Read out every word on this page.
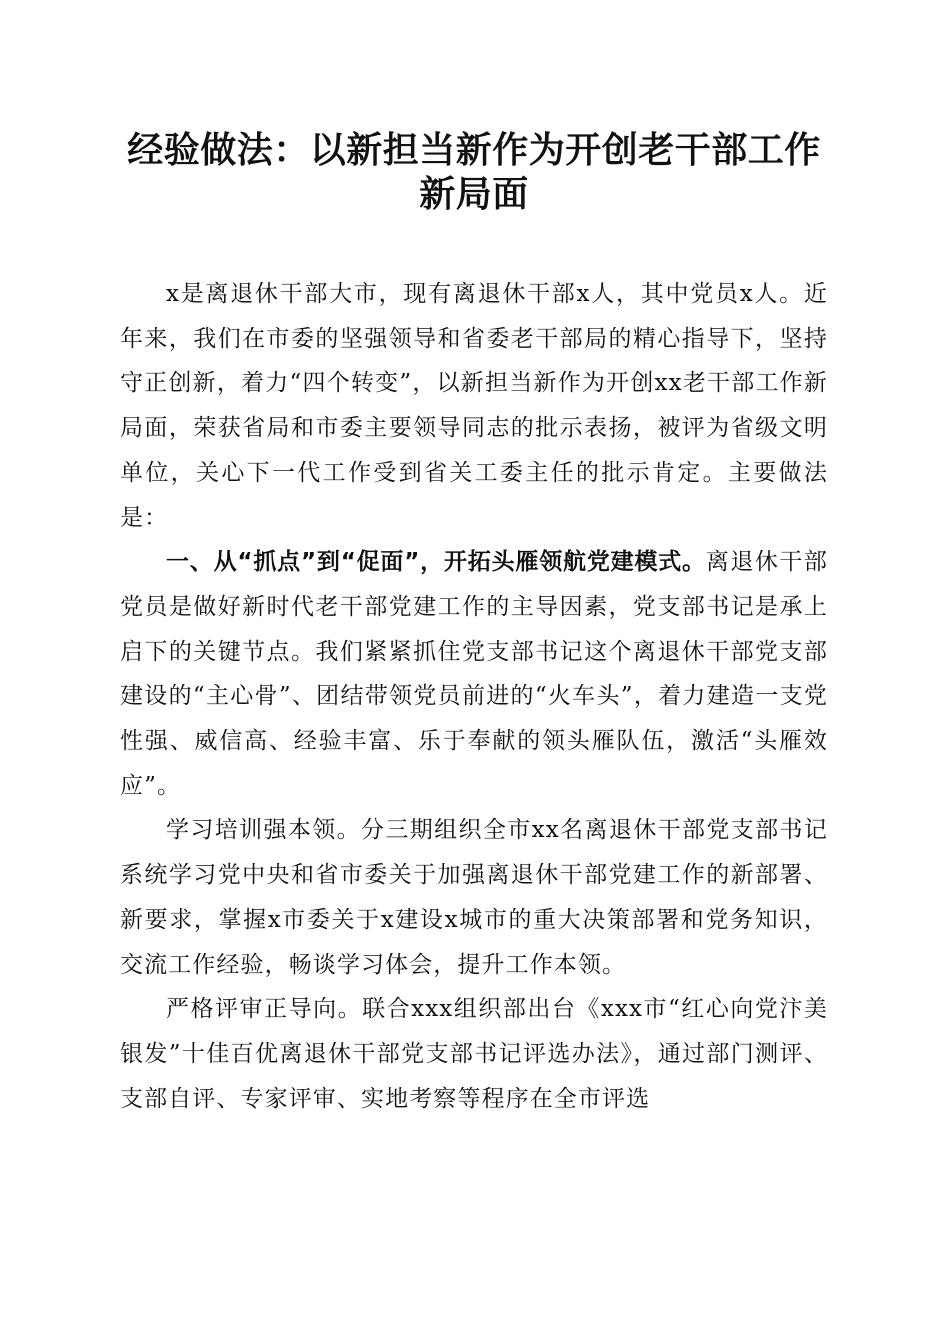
经验做法：以新担当新作为开创老干部工作新局面

x是离退休干部大市，现有离退休干部x人，其中党员x人。近年来，我们在市委的坚强领导和省委老干部局的精心指导下，坚持守正创新，着力“四个转变”，以新担当新作为开创xx老干部工作新局面，荣获省局和市委主要领导同志的批示表扬，被评为省级文明单位，关心下一代工作受到省关工委主任的批示肯定。主要做法是：

一、从“抓点”到“促面”，开拓头雁领航党建模式。离退休干部党员是做好新时代老干部党建工作的主导因素，党支部书记是承上启下的关键节点。我们紧紧抓住党支部书记这个离退休干部党支部建设的“主心骨”、团结带领党员前进的“火车头”，着力建造一支党性强、威信高、经验丰富、乐于奉献的领头雁队伍，激活“头雁效应”。

学习培训强本领。分三期组织全市xx名离退休干部党支部书记系统学习党中央和省市委关于加强离退休干部党建工作的新部署、新要求，掌握x市委关于x建设x城市的重大决策部署和党务知识，交流工作经验，畅谈学习体会，提升工作本领。

严格评审正导向。联合xxx组织部出台《xxx市“红心向党汴美银发”十佳百优离退休干部党支部书记评选办法》，通过部门测评、支部自评、专家评审、实地考察等程序在全市评选
